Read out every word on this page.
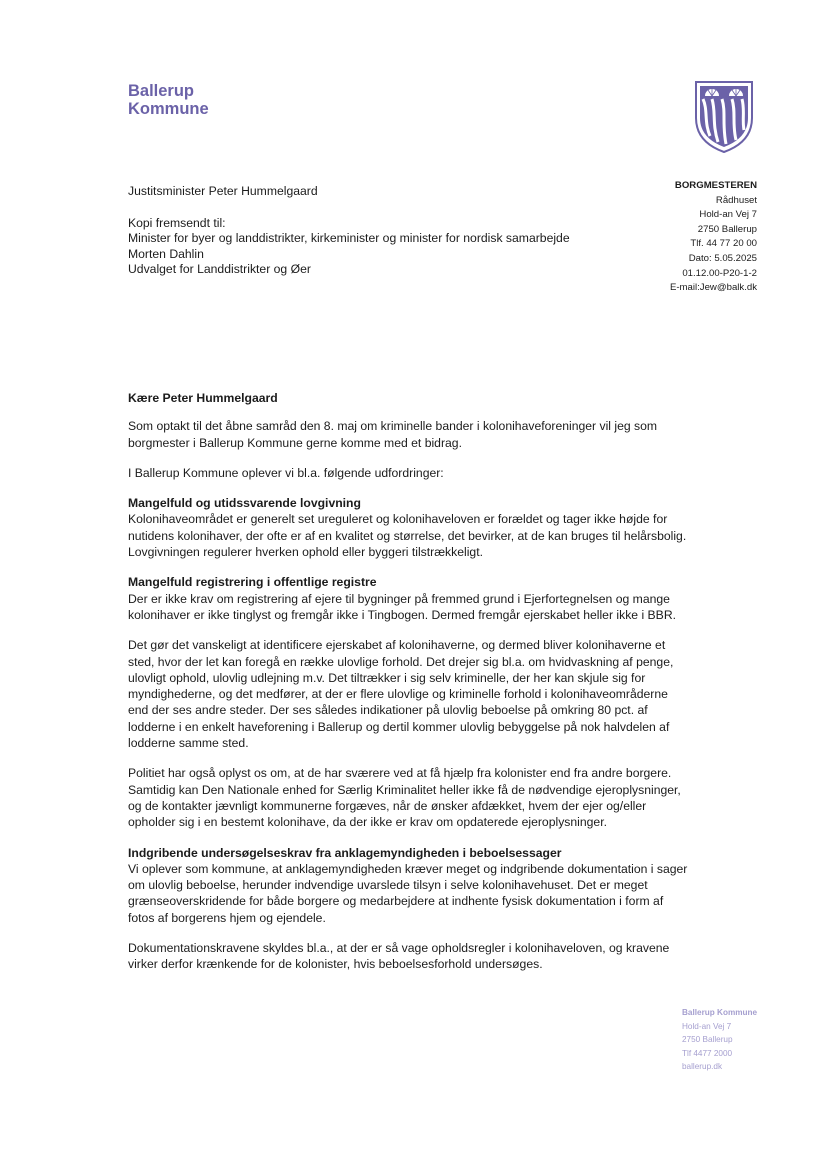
Ballerup
Kommune
Justitsminister Peter Hummelgaard
Kopi fremsendt til:
Minister for byer og landdistrikter, kirkeminister og minister for nordisk samarbejde
Morten Dahlin
Udvalget for Landdistrikter og Øer
BORGMESTEREN
Rådhuset
Hold-an Vej 7
2750 Ballerup
Tlf. 44 77 20 00
Dato: 5.05.2025
01.12.00-P20-1-2
E-mail:Jew@balk.dk
Kære Peter Hummelgaard

Som optakt til det åbne samråd den 8. maj om kriminelle bander i kolonihaveforeninger vil jeg som borgmester i Ballerup Kommune gerne komme med et bidrag.

I Ballerup Kommune oplever vi bl.a. følgende udfordringer:

Mangelfuld og utidssvarende lovgivning
Kolonihaveområdet er generelt set ureguleret og kolonihaveloven er forældet og tager ikke højde for nutidens kolonihaver, der ofte er af en kvalitet og størrelse, det bevirker, at de kan bruges til helårsbolig. Lovgivningen regulerer hverken ophold eller byggeri tilstrækkeligt.
Mangelfuld registrering i offentlige registre
Der er ikke krav om registrering af ejere til bygninger på fremmed grund i Ejerfortegnelsen og mange kolonihaver er ikke tinglyst og fremgår ikke i Tingbogen. Dermed fremgår ejerskabet heller ikke i BBR.

Det gør det vanskeligt at identificere ejerskabet af kolonihaverne, og dermed bliver kolonihaverne et sted, hvor der let kan foregå en række ulovlige forhold. Det drejer sig bl.a. om hvidvaskning af penge, ulovligt ophold, ulovlig udlejning m.v. Det tiltrækker i sig selv kriminelle, der her kan skjule sig for myndighederne, og det medfører, at der er flere ulovlige og kriminelle forhold i kolonihaveområderne end der ses andre steder. Der ses således indikationer på ulovlig beboelse på omkring 80 pct. af lodderne i en enkelt haveforening i Ballerup og dertil kommer ulovlig bebyggelse på nok halvdelen af lodderne samme sted.

Politiet har også oplyst os om, at de har sværere ved at få hjælp fra kolonister end fra andre borgere. Samtidig kan Den Nationale enhed for Særlig Kriminalitet heller ikke få de nødvendige ejeroplysninger, og de kontakter jævnligt kommunerne forgæves, når de ønsker afdækket, hvem der ejer og/eller opholder sig i en bestemt kolonihave, da der ikke er krav om opdaterede ejeroplysninger.

Indgribende undersøgelseskrav fra anklagemyndigheden i beboelsessager
Vi oplever som kommune, at anklagemyndigheden kræver meget og indgribende dokumentation i sager om ulovlig beboelse, herunder indvendige uvarslede tilsyn i selve kolonihavehuset. Det er meget grænseoverskridende for både borgere og medarbejdere at indhente fysisk dokumentation i form af fotos af borgerens hjem og ejendele.

Dokumentationskravene skyldes bl.a., at der er så vage opholdsregler i kolonihaveloven, og kravene virker derfor krænkende for de kolonister, hvis beboelsesforhold undersøges.

Ballerup Kommune
Hold-an Vej 7
2750 Ballerup
Tlf 4477 2000
ballerup.dk
